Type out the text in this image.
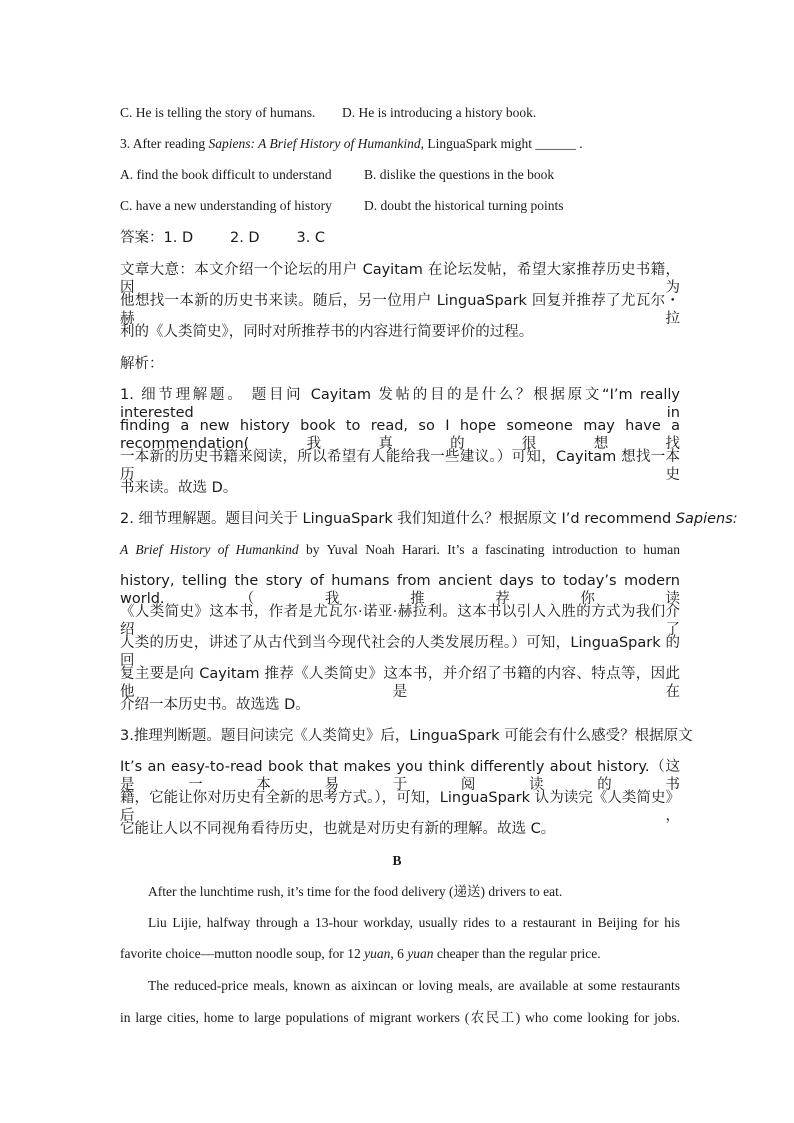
C. He is telling the story of humans. D. He is introducing a history book.
3. After reading Sapiens: A Brief History of Humankind, LinguaSpark might ______ .
A. find the book difficult to understand B. dislike the questions in the book
C. have a new understanding of history D. doubt the historical turning points
答案：1. D        2. D        3. C
文章大意：本文介绍一个论坛的用户 Cayitam 在论坛发帖，希望大家推荐历史书籍，因为
他想找一本新的历史书来读。随后，另一位用户 LinguaSpark 回复并推荐了尤瓦尔・赫拉
利的《人类简史》，同时对所推荐书的内容进行简要评价的过程。
解析：
1. 细节理解题。 题目问 Cayitam 发帖的目的是什么？根据原文“I’m really interested in
finding a new history book to read, so I hope someone may have a recommendation(我真的很想找
一本新的历史书籍来阅读，所以希望有人能给我一些建议。）可知，Cayitam 想找一本历史
书来读。故选 D。
2. 细节理解题。题目问关于 LinguaSpark 我们知道什么？根据原文 I’d recommend Sapiens:
A Brief History of Humankind by Yuval Noah Harari. It’s a fascinating introduction to human
history, telling the story of humans from ancient days to today’s modern world. （我推荐你读
《人类简史》这本书，作者是尤瓦尔·诺亚·赫拉利。这本书以引人入胜的方式为我们介绍了
人类的历史，讲述了从古代到当今现代社会的人类发展历程。）可知，LinguaSpark 的回
复主要是向 Cayitam 推荐《人类简史》这本书，并介绍了书籍的内容、特点等，因此他是在
介绍一本历史书。故选选 D。
3.推理判断题。题目问读完《人类简史》后，LinguaSpark 可能会有什么感受？根据原文
It’s an easy-to-read book that makes you think differently about history.（这是一本易于阅读的书
籍，它能让你对历史有全新的思考方式。），可知，LinguaSpark 认为读完《人类简史》后，
它能让人以不同视角看待历史，也就是对历史有新的理解。故选 C。
B
After the lunchtime rush, it’s time for the food delivery (递送) drivers to eat.
Liu Lijie, halfway through a 13-hour workday, usually rides to a restaurant in Beijing for his
favorite choice—mutton noodle soup, for 12 yuan, 6 yuan cheaper than the regular price.
The reduced-price meals, known as aixincan or loving meals, are available at some restaurants
in large cities, home to large populations of migrant workers (农民工) who come looking for jobs.
